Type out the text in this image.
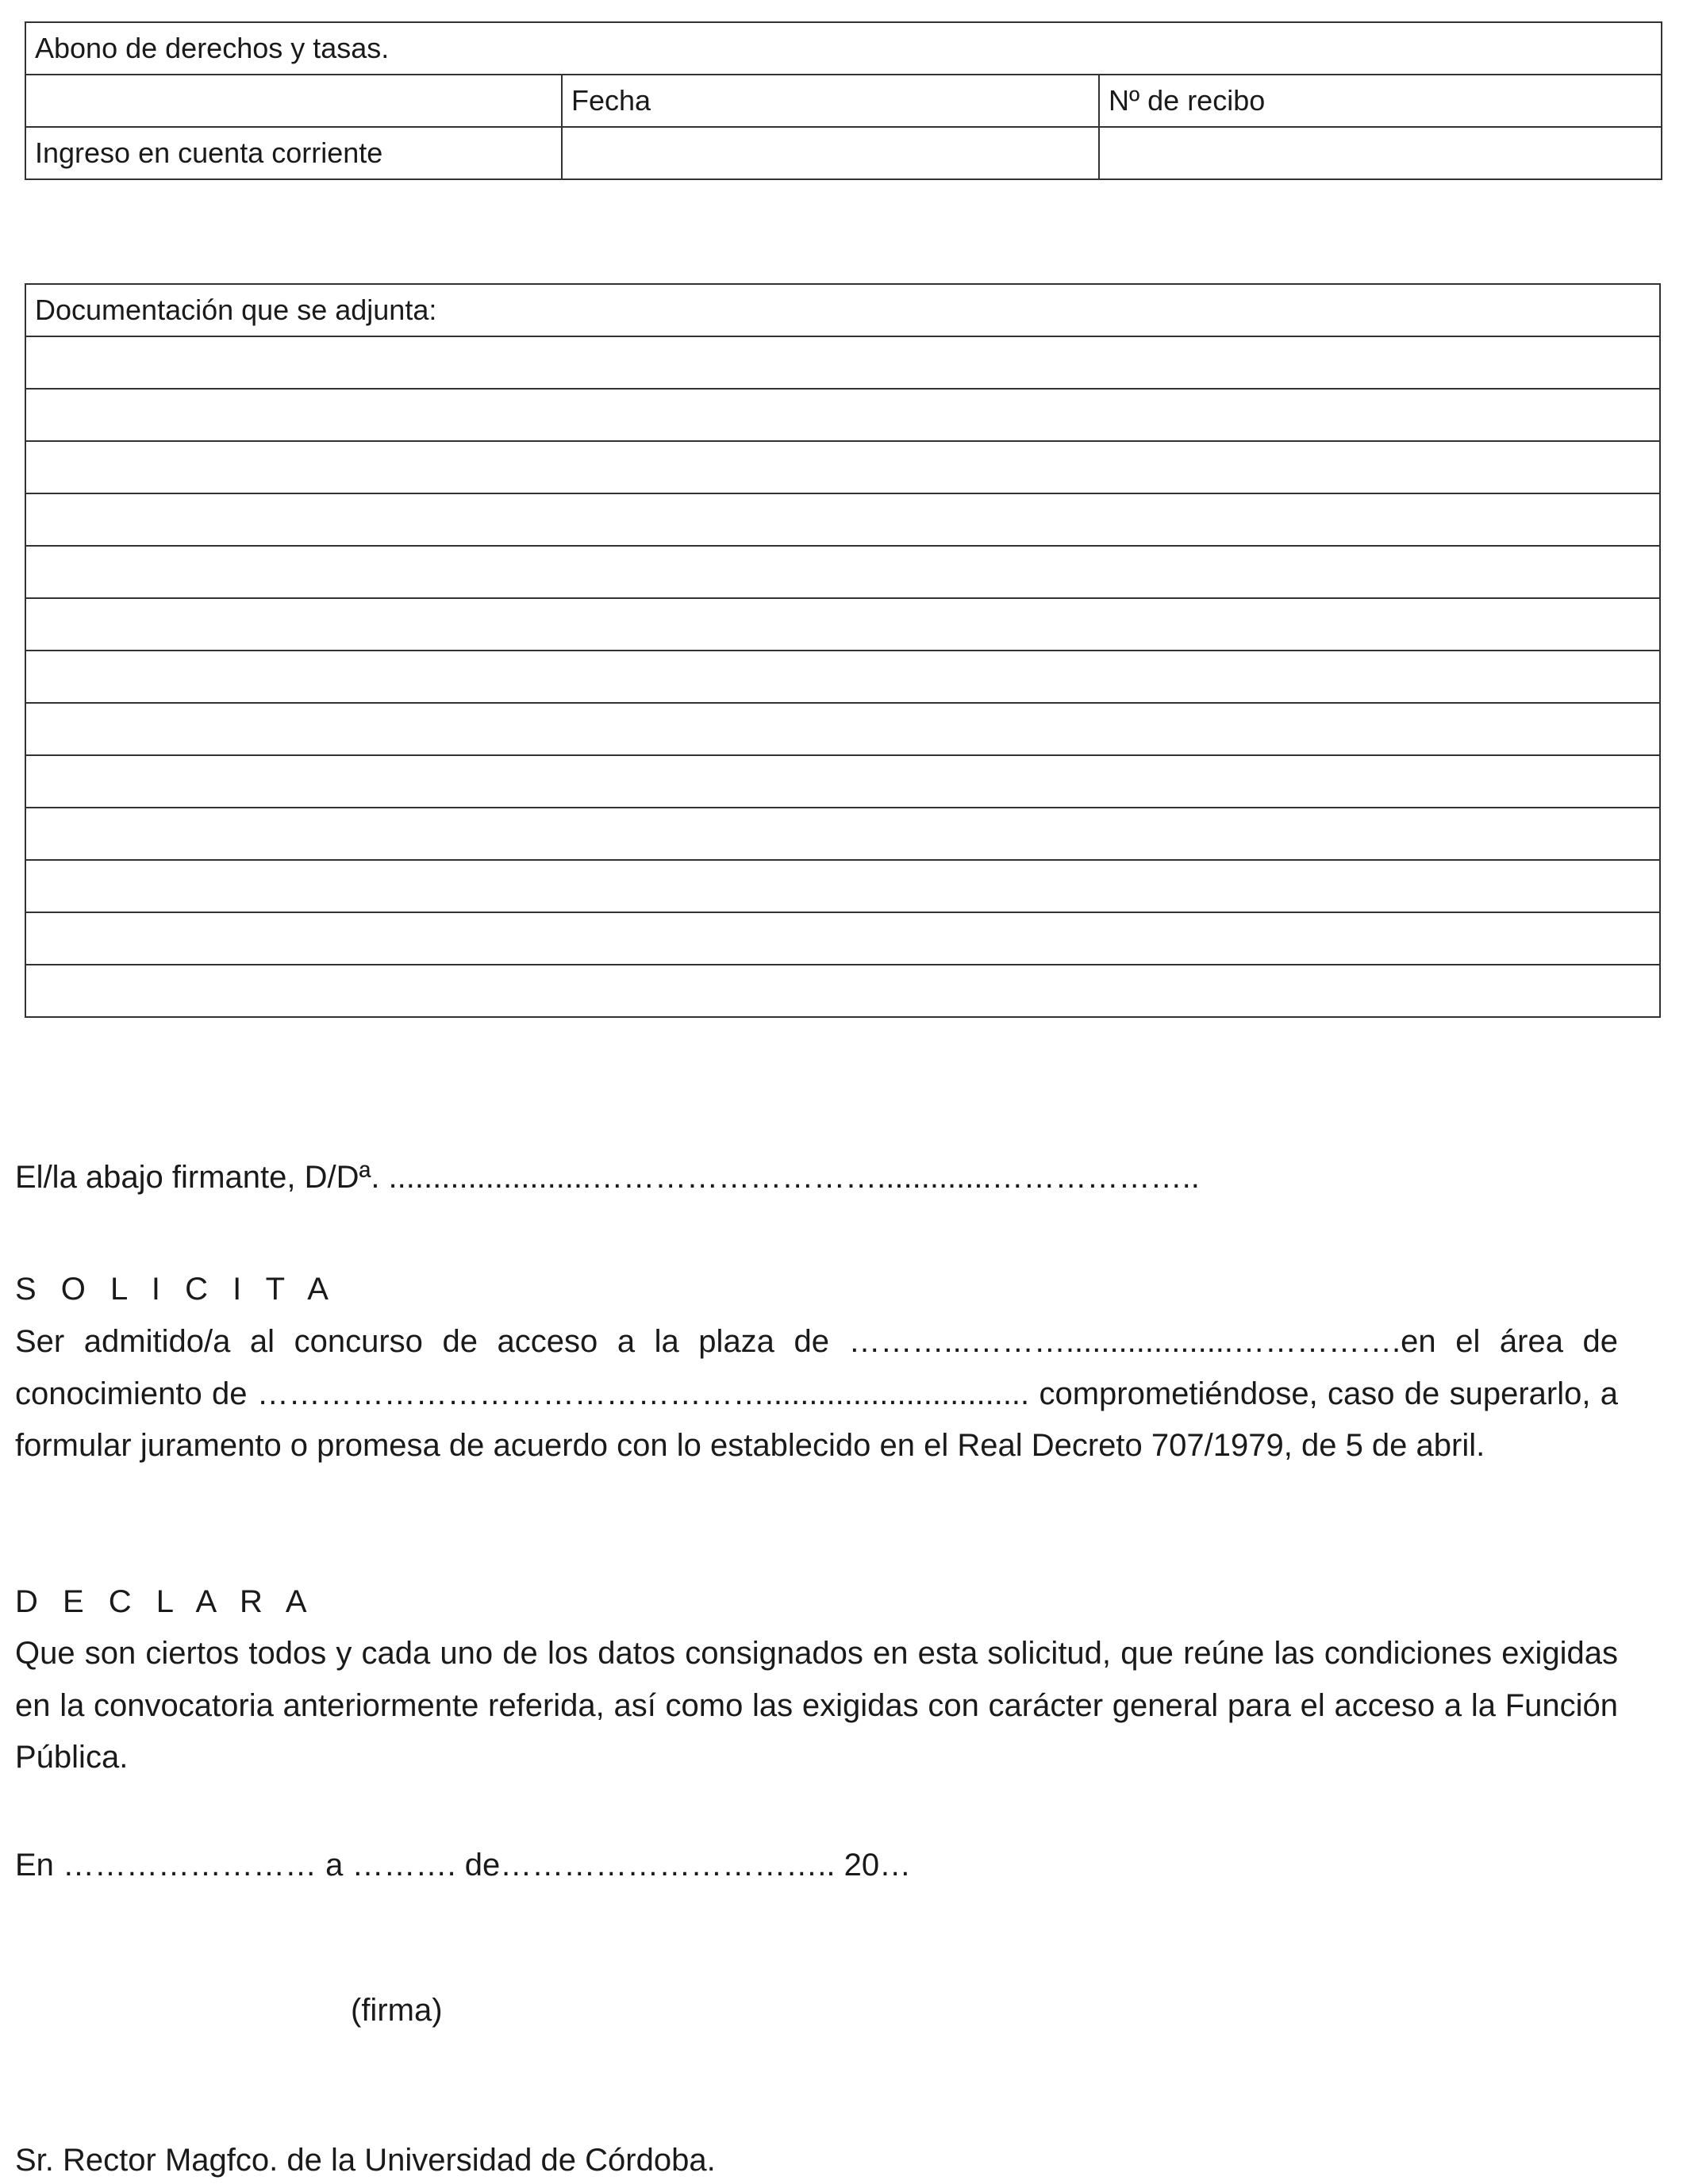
Abono de derechos y tasas.		
	Fecha	Nº de recibo
Ingreso en cuenta corriente		
Documentación que se adjunta:

El/la abajo firmante, D/Dª. .......................……………………….............………………..
S O L I C I T A
Ser admitido/a al concurso de acceso a la plaza de ………...………...................…………….en el área de conocimiento de ………………………………………….............................. comprometiéndose, caso de superarlo, a formular juramento o promesa de acuerdo con lo establecido en el Real Decreto 707/1979, de 5 de abril.
D E C L A R A
Que son ciertos todos y cada uno de los datos consignados en esta solicitud, que reúne las condiciones exigidas en la convocatoria anteriormente referida, así como las exigidas con carácter general para el acceso a la Función Pública.
En …………………… a ………. de………………………….. 20…
(firma)
Sr. Rector Magfco. de la Universidad de Córdoba.
